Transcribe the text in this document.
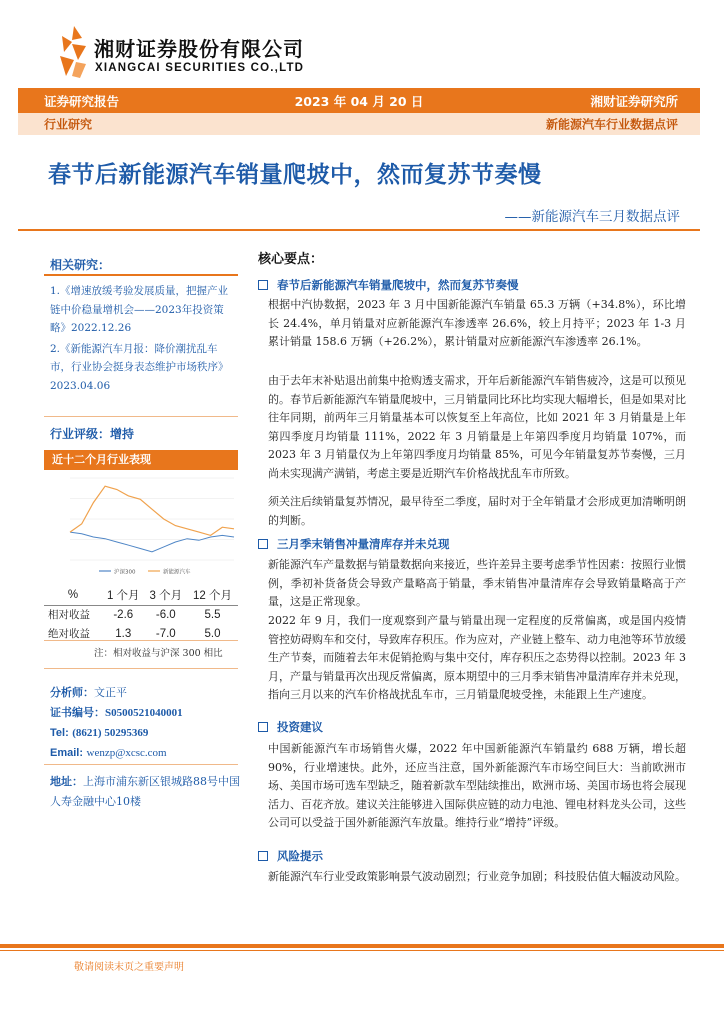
湘财证券股份有限公司
XIANGCAI SECURITIES CO.,LTD
证券研究报告	2023 年 04 月 20 日	湘财证券研究所
行业研究	新能源汽车行业数据点评
春节后新能源汽车销量爬坡中，然而复苏节奏慢
——新能源汽车三月数据点评
相关研究：

1.《增速放缓考验发展质量，把握产业链中价稳量增机会——2023年投资策略》2022.12.26

2.《新能源汽车月报：降价潮扰乱车市，行业协会挺身表态维护市场秩序》2023.04.06

行业评级：增持
近十二个月行业表现
沪深300	新能源汽车
%	1 个月	3 个月	12 个月
相对收益	-2.6	-6.0	5.5
绝对收益	1.3	-7.0	5.0
注：相对收益与沪深 300 相比
分析师：文正平
证书编号：S0500521040001
Tel: (8621) 50295369
Email: wenzp@xcsc.com
地址：上海市浦东新区银城路88号中国人寿金融中心10楼
核心要点：
春节后新能源汽车销量爬坡中，然而复苏节奏慢
根据中汽协数据，2023 年 3 月中国新能源汽车销量 65.3 万辆（+34.8%），环比增长 24.4%，单月销量对应新能源汽车渗透率 26.6%，较上月持平；2023 年 1-3 月累计销量 158.6 万辆（+26.2%），累计销量对应新能源汽车渗透率 26.1%。
由于去年末补贴退出前集中抢购透支需求，开年后新能源汽车销售疲冷，这是可以预见的。春节后新能源汽车销量爬坡中，三月销量同比环比均实现大幅增长，但是如果对比往年同期，前两年三月销量基本可以恢复至上年高位，比如 2021 年 3 月销量是上年第四季度月均销量 111%，2022 年 3 月销量是上年第四季度月均销量 107%，而 2023 年 3 月销量仅为上年第四季度月均销量 85%，可见今年销量复苏节奏慢，三月尚未实现满产满销，考虑主要是近期汽车价格战扰乱车市所致。
须关注后续销量复苏情况，最早待至二季度，届时对于全年销量才会形成更加清晰明朗的判断。
三月季末销售冲量清库存并未兑现
新能源汽车产量数据与销量数据向来接近，些许差异主要考虑季节性因素：按照行业惯例，季初补货备货会导致产量略高于销量，季末销售冲量清库存会导致销量略高于产量，这是正常现象。
2022 年 9 月，我们一度观察到产量与销量出现一定程度的反常偏离，或是国内疫情管控妨碍购车和交付，导致库存积压。作为应对，产业链上整车、动力电池等环节放缓生产节奏，而随着去年末促销抢购与集中交付，库存积压之态势得以控制。2023 年 3 月，产量与销量再次出现反常偏离，原本期望中的三月季末销售冲量清库存并未兑现，指向三月以来的汽车价格战扰乱车市，三月销量爬坡受挫，未能跟上生产速度。
投资建议
中国新能源汽车市场销售火爆，2022 年中国新能源汽车销量约 688 万辆，增长超 90%，行业增速快。此外，还应当注意，国外新能源汽车市场空间巨大：当前欧洲市场、美国市场可选车型缺乏，随着新款车型陆续推出，欧洲市场、美国市场也将会展现活力、百花齐放。建议关注能够进入国际供应链的动力电池、锂电材料龙头公司，这些公司可以受益于国外新能源汽车放量。维持行业“增持”评级。
风险提示
新能源汽车行业受政策影响景气波动剧烈；行业竞争加剧；科技股估值大幅波动风险。
敬请阅读末页之重要声明
